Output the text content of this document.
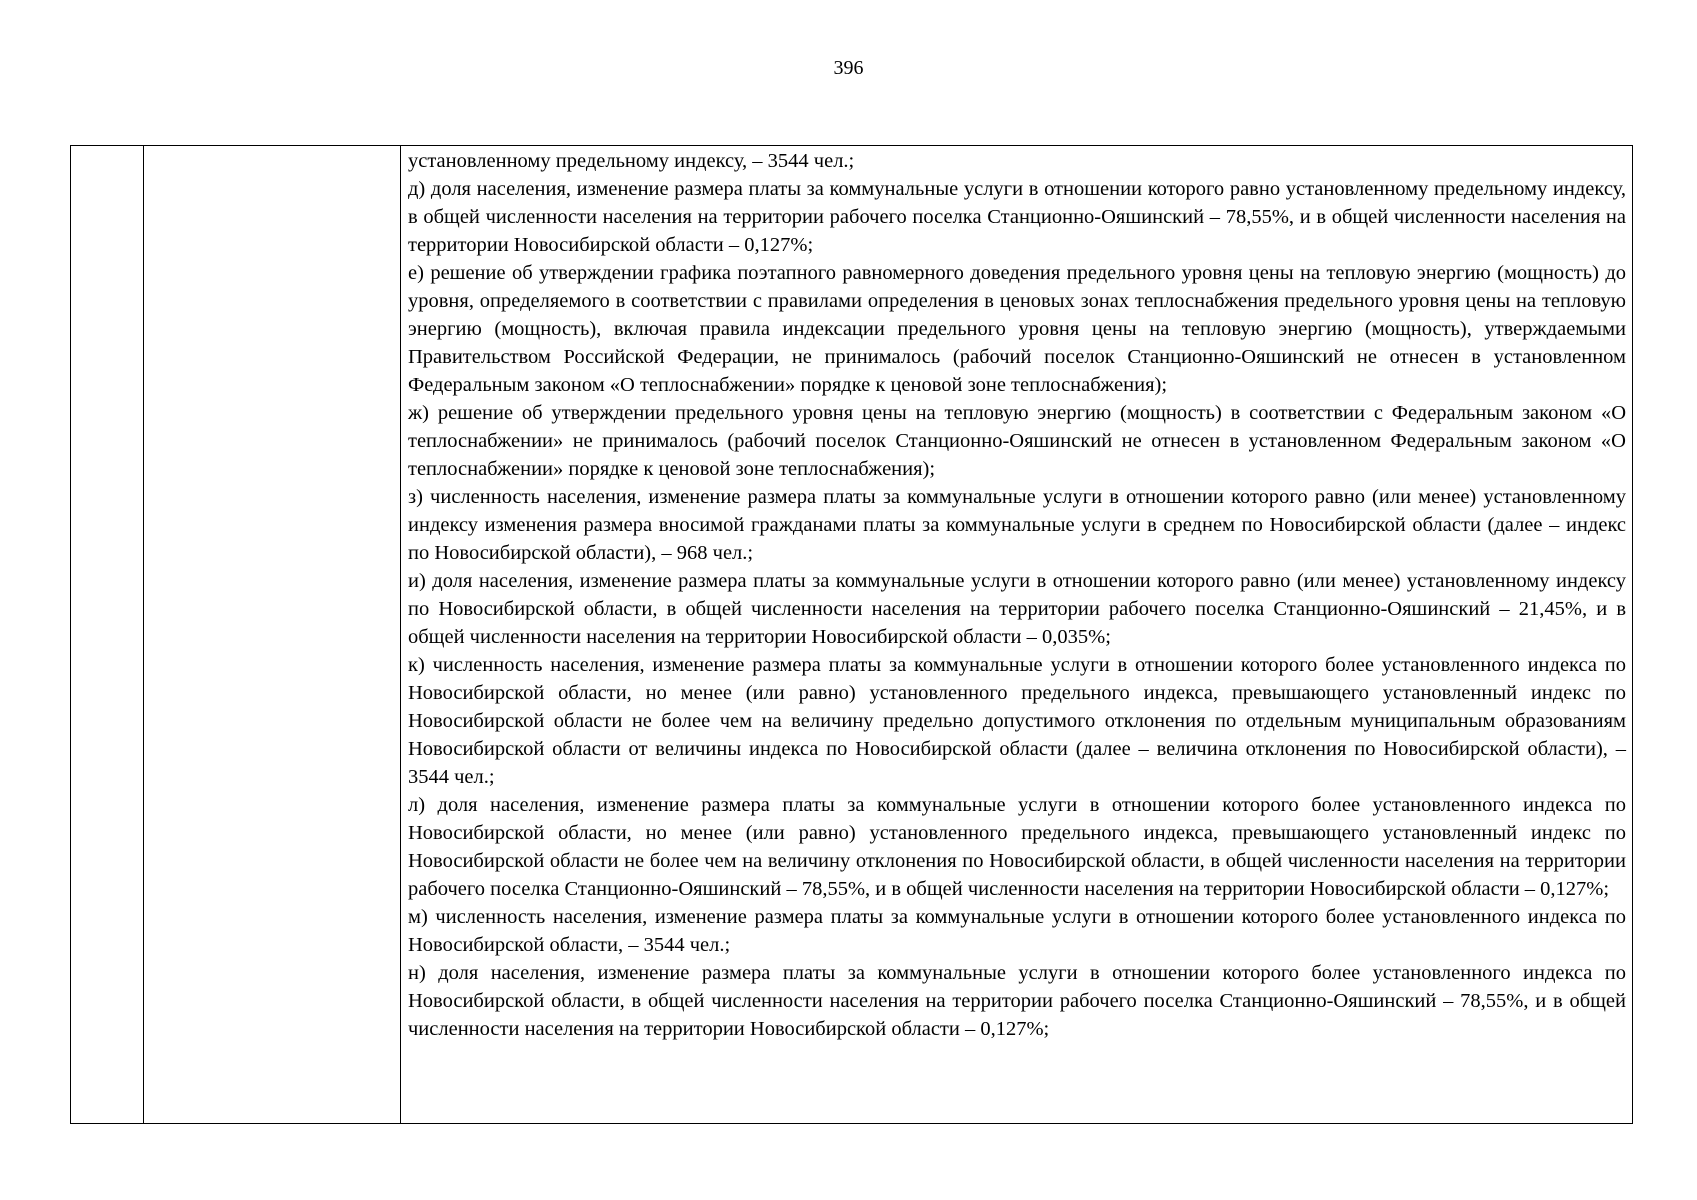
396

установленному предельному индексу, – 3544 чел.;

д) доля населения, изменение размера платы за коммунальные услуги в отношении которого равно установленному предельному индексу, в общей численности населения на территории рабочего поселка Станционно-Ояшинский – 78,55%, и в общей численности населения на территории Новосибирской области – 0,127%;

е) решение об утверждении графика поэтапного равномерного доведения предельного уровня цены на тепловую энергию (мощность) до уровня, определяемого в соответствии с правилами определения в ценовых зонах теплоснабжения предельного уровня цены на тепловую энергию (мощность), включая правила индексации предельного уровня цены на тепловую энергию (мощность), утверждаемыми Правительством Российской Федерации, не принималось (рабочий поселок Станционно-Ояшинский не отнесен в установленном Федеральным законом «О теплоснабжении» порядке к ценовой зоне теплоснабжения);

ж) решение об утверждении предельного уровня цены на тепловую энергию (мощность) в соответствии с Федеральным законом «О теплоснабжении» не принималось (рабочий поселок Станционно-Ояшинский не отнесен в установленном Федеральным законом «О теплоснабжении» порядке к ценовой зоне теплоснабжения);

з) численность населения, изменение размера платы за коммунальные услуги в отношении которого равно (или менее) установленному индексу изменения размера вносимой гражданами платы за коммунальные услуги в среднем по Новосибирской области (далее – индекс по Новосибирской области), – 968 чел.;

и) доля населения, изменение размера платы за коммунальные услуги в отношении которого равно (или менее) установленному индексу по Новосибирской области, в общей численности населения на территории рабочего поселка Станционно-Ояшинский – 21,45%, и в общей численности населения на территории Новосибирской области – 0,035%;

к) численность населения, изменение размера платы за коммунальные услуги в отношении которого более установленного индекса по Новосибирской области, но менее (или равно) установленного предельного индекса, превышающего установленный индекс по Новосибирской области не более чем на величину предельно допустимого отклонения по отдельным муниципальным образованиям Новосибирской области от величины индекса по Новосибирской области (далее – величина отклонения по Новосибирской области), – 3544 чел.;

л) доля населения, изменение размера платы за коммунальные услуги в отношении которого более установленного индекса по Новосибирской области, но менее (или равно) установленного предельного индекса, превышающего установленный индекс по Новосибирской области не более чем на величину отклонения по Новосибирской области, в общей численности населения на территории рабочего поселка Станционно-Ояшинский – 78,55%, и в общей численности населения на территории Новосибирской области – 0,127%;

м) численность населения, изменение размера платы за коммунальные услуги в отношении которого более установленного индекса по Новосибирской области, – 3544 чел.;

н) доля населения, изменение размера платы за коммунальные услуги в отношении которого более установленного индекса по Новосибирской области, в общей численности населения на территории рабочего поселка Станционно-Ояшинский – 78,55%, и в общей численности населения на территории Новосибирской области – 0,127%;
